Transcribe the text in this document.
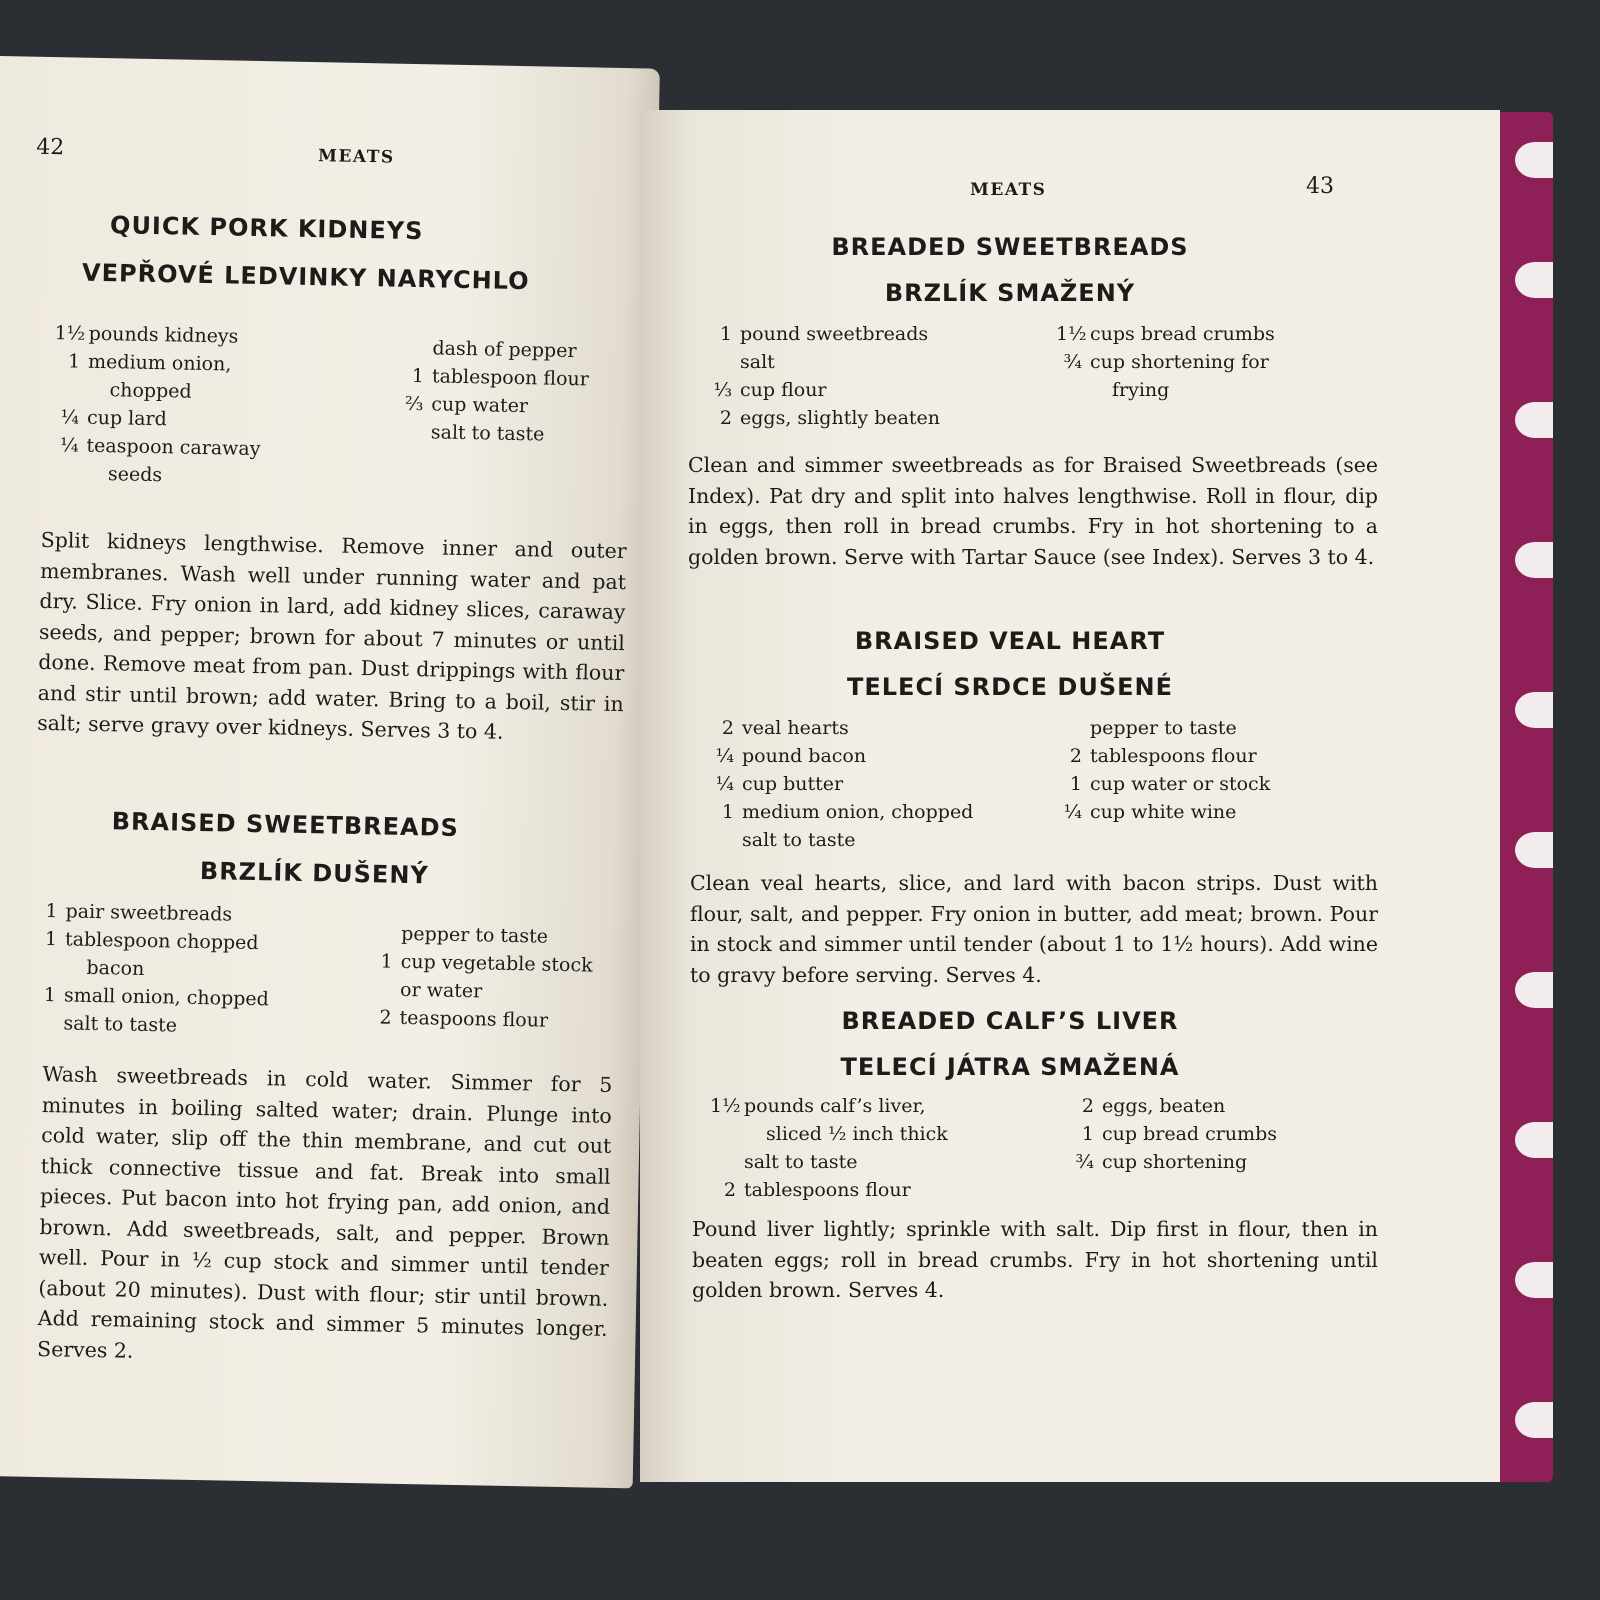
42	MEATS
QUICK PORK KIDNEYS
VEPŘOVÉ LEDVINKY NARYCHLO
1½ pounds kidneys
1 medium onion,
chopped
¼ cup lard
¼ teaspoon caraway
seeds
dash of pepper
1 tablespoon flour
⅔ cup water
salt to taste
Split kidneys lengthwise. Remove inner and outer membranes. Wash well under running water and pat dry. Slice. Fry onion in lard, add kidney slices, caraway seeds, and pepper; brown for about 7 minutes or until done. Remove meat from pan. Dust drippings with flour and stir until brown; add water. Bring to a boil, stir in salt; serve gravy over kidneys. Serves 3 to 4.
BRAISED SWEETBREADS
BRZLÍK DUŠENÝ
1 pair sweetbreads
1 tablespoon chopped
bacon
1 small onion, chopped
salt to taste
pepper to taste
1 cup vegetable stock
or water
2 teaspoons flour
Wash sweetbreads in cold water. Simmer for 5 minutes in boiling salted water; drain. Plunge into cold water, slip off the thin membrane, and cut out thick connective tissue and fat. Break into small pieces. Put bacon into hot frying pan, add onion, and brown. Add sweetbreads, salt, and pepper. Brown well. Pour in ½ cup stock and simmer until tender (about 20 minutes). Dust with flour; stir until brown. Add remaining stock and simmer 5 minutes longer. Serves 2.
MEATS	43
BREADED SWEETBREADS
BRZLÍK SMAŽENÝ
1 pound sweetbreads
salt
⅓ cup flour
2 eggs, slightly beaten
1½ cups bread crumbs
¾ cup shortening for
frying
Clean and simmer sweetbreads as for Braised Sweetbreads (see Index). Pat dry and split into halves lengthwise. Roll in flour, dip in eggs, then roll in bread crumbs. Fry in hot shortening to a golden brown. Serve with Tartar Sauce (see Index). Serves 3 to 4.
BRAISED VEAL HEART
TELECÍ SRDCE DUŠENÉ
2 veal hearts
¼ pound bacon
¼ cup butter
1 medium onion, chopped
salt to taste
pepper to taste
2 tablespoons flour
1 cup water or stock
¼ cup white wine
Clean veal hearts, slice, and lard with bacon strips. Dust with flour, salt, and pepper. Fry onion in butter, add meat; brown. Pour in stock and simmer until tender (about 1 to 1½ hours). Add wine to gravy before serving. Serves 4.
BREADED CALF’S LIVER
TELECÍ JÁTRA SMAŽENÁ
1½ pounds calf’s liver,
sliced ½ inch thick
salt to taste
2 tablespoons flour
2 eggs, beaten
1 cup bread crumbs
¾ cup shortening
Pound liver lightly; sprinkle with salt. Dip first in flour, then in beaten eggs; roll in bread crumbs. Fry in hot shortening until golden brown. Serves 4.
